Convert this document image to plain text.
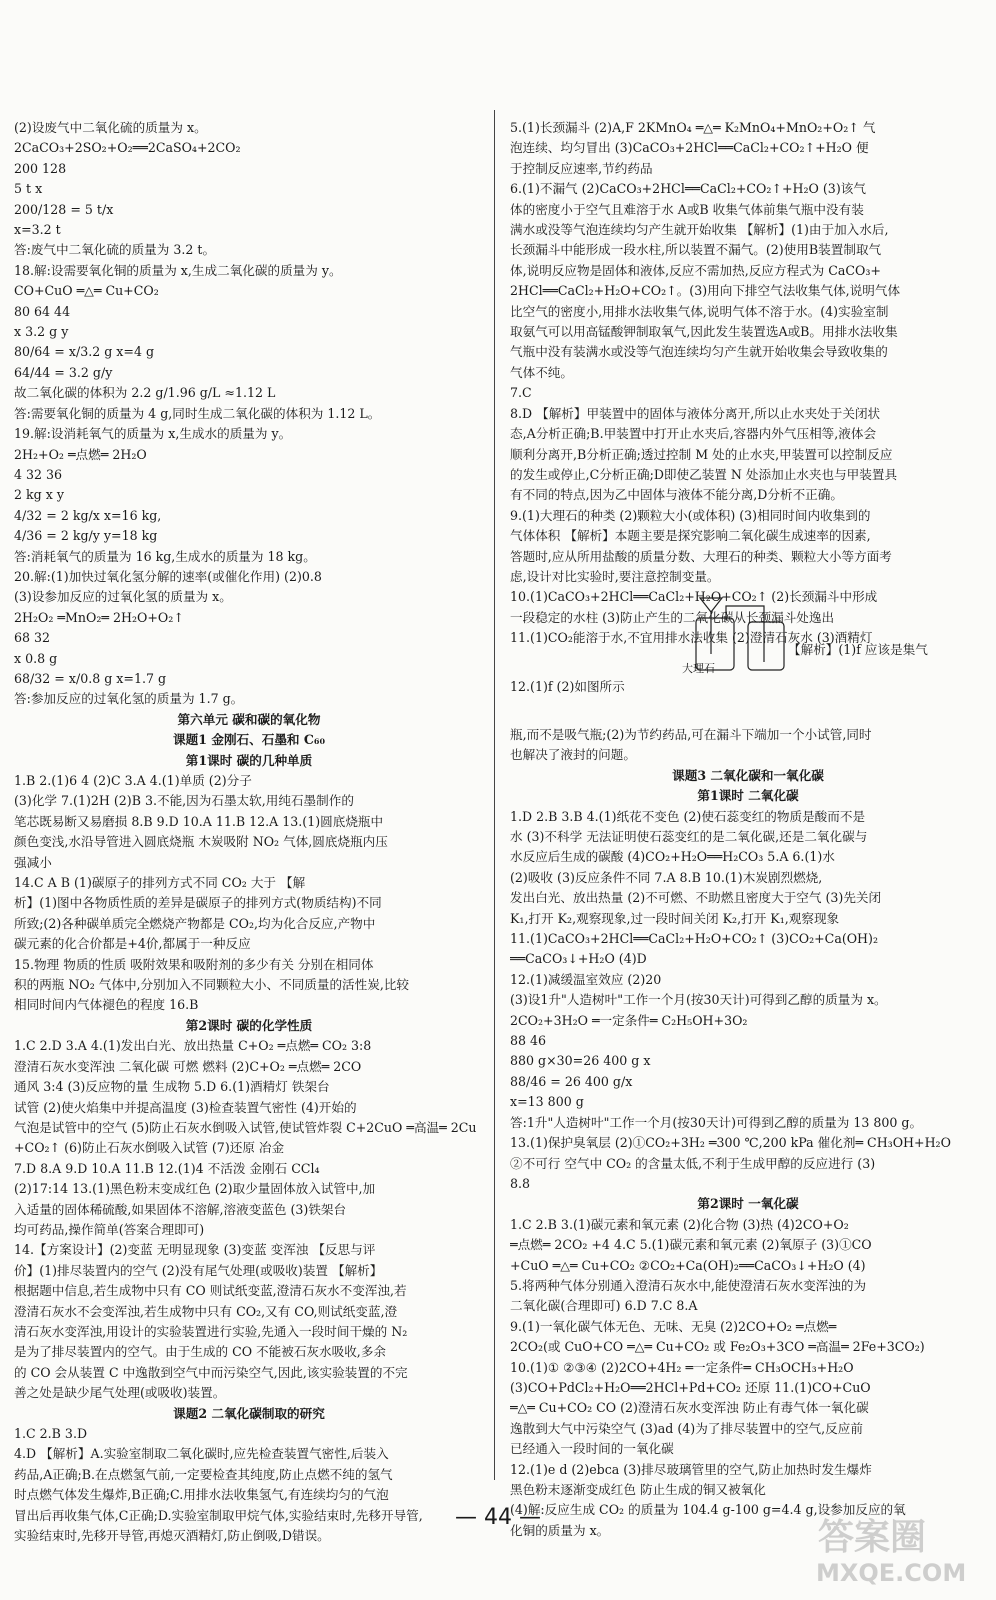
(2)设废气中二氧化硫的质量为 x。
2CaCO₃+2SO₂+O₂══2CaSO₄+2CO₂
200 128
5 t x
200/128 = 5 t/x
x=3.2 t
答:废气中二氧化硫的质量为 3.2 t。
18.解:设需要氧化铜的质量为 x,生成二氧化碳的质量为 y。
CO+CuO ═△═ Cu+CO₂
80 64 44
x 3.2 g y
80/64 = x/3.2 g x=4 g
64/44 = 3.2 g/y
故二氧化碳的体积为 2.2 g/1.96 g/L ≈1.12 L
答:需要氧化铜的质量为 4 g,同时生成二氧化碳的体积为 1.12 L。
19.解:设消耗氧气的质量为 x,生成水的质量为 y。
2H₂+O₂ ═点燃═ 2H₂O
4 32 36
2 kg x y
4/32 = 2 kg/x x=16 kg,
4/36 = 2 kg/y y=18 kg
答:消耗氧气的质量为 16 kg,生成水的质量为 18 kg。
20.解:(1)加快过氧化氢分解的速率(或催化作用) (2)0.8
(3)设参加反应的过氧化氢的质量为 x。
2H₂O₂ ═MnO₂═ 2H₂O+O₂↑
68 32
x 0.8 g
68/32 = x/0.8 g x=1.7 g
答:参加反应的过氧化氢的质量为 1.7 g。
第六单元 碳和碳的氧化物
课题1 金刚石、石墨和 C₆₀
第1课时 碳的几种单质
1.B 2.(1)6 4 (2)C 3.A 4.(1)单质 (2)分子
(3)化学 7.(1)2H (2)B 3.不能,因为石墨太软,用纯石墨制作的
笔芯既易断又易磨损 8.B 9.D 10.A 11.B 12.A 13.(1)圆底烧瓶中
颜色变浅,水沿导管进入圆底烧瓶 木炭吸附 NO₂ 气体,圆底烧瓶内压
强减小
14.C A B (1)碳原子的排列方式不同 CO₂ 大于 【解
析】(1)图中各物质性质的差异是碳原子的排列方式(物质结构)不同
所致;(2)各种碳单质完全燃烧产物都是 CO₂,均为化合反应,产物中
碳元素的化合价都是+4价,都属于一种反应
15.物理 物质的性质 吸附效果和吸附剂的多少有关 分别在相同体
积的两瓶 NO₂ 气体中,分别加入不同颗粒大小、不同质量的活性炭,比较
相同时间内气体褪色的程度 16.B
第2课时 碳的化学性质
1.C 2.D 3.A 4.(1)发出白光、放出热量 C+O₂ ═点燃═ CO₂ 3:8
澄清石灰水变浑浊 二氧化碳 可燃 燃料 (2)C+O₂ ═点燃═ 2CO
通风 3:4 (3)反应物的量 生成物 5.D 6.(1)酒精灯 铁架台
试管 (2)使火焰集中并提高温度 (3)检查装置气密性 (4)开始的
气泡是试管中的空气 (5)防止石灰水倒吸入试管,使试管炸裂 C+2CuO ═高温═ 2Cu
+CO₂↑ (6)防止石灰水倒吸入试管 (7)还原 冶金
7.D 8.A 9.D 10.A 11.B 12.(1)4 不活泼 金刚石 CCl₄
(2)17:14 13.(1)黑色粉末变成红色 (2)取少量固体放入试管中,加
入适量的固体稀硫酸,如果固体不溶解,溶液变蓝色 (3)铁架台
均可药品,操作简单(答案合理即可)
14.【方案设计】(2)变蓝 无明显现象 (3)变蓝 变浑浊 【反思与评
价】(1)排尽装置内的空气 (2)没有尾气处理(或吸收)装置 【解析】
根据题中信息,若生成物中只有 CO 则试纸变蓝,澄清石灰水不变浑浊,若
澄清石灰水不会变浑浊,若生成物中只有 CO₂,又有 CO,则试纸变蓝,澄
清石灰水变浑浊,用设计的实验装置进行实验,先通入一段时间干燥的 N₂
是为了排尽装置内的空气。由于生成的 CO 不能被石灰水吸收,多余
的 CO 会从装置 C 中逸散到空气中而污染空气,因此,该实验装置的不完
善之处是缺少尾气处理(或吸收)装置。
课题2 二氧化碳制取的研究
1.C 2.B 3.D
4.D 【解析】A.实验室制取二氧化碳时,应先检查装置气密性,后装入
药品,A正确;B.在点燃氢气前,一定要检查其纯度,防止点燃不纯的氢气
时点燃气体发生爆炸,B正确;C.用排水法收集氢气,有连续均匀的气泡
冒出后再收集气体,C正确;D.实验室制取甲烷气体,实验结束时,先移开导管,
实验结束时,先移开导管,再熄灭酒精灯,防止倒吸,D错误。
5.(1)长颈漏斗 (2)A,F 2KMnO₄ ═△═ K₂MnO₄+MnO₂+O₂↑ 气
泡连续、均匀冒出 (3)CaCO₃+2HCl══CaCl₂+CO₂↑+H₂O 便
于控制反应速率,节约药品
6.(1)不漏气 (2)CaCO₃+2HCl══CaCl₂+CO₂↑+H₂O (3)该气
体的密度小于空气且难溶于水 A或B 收集气体前集气瓶中没有装
满水或没等气泡连续均匀产生就开始收集 【解析】(1)由于加入水后,
长颈漏斗中能形成一段水柱,所以装置不漏气。(2)使用B装置制取气
体,说明反应物是固体和液体,反应不需加热,反应方程式为 CaCO₃+
2HCl══CaCl₂+H₂O+CO₂↑。(3)用向下排空气法收集气体,说明气体
比空气的密度小,用排水法收集气体,说明气体不溶于水。(4)实验室制
取氨气可以用高锰酸钾制取氧气,因此发生装置选A或B。用排水法收集
气瓶中没有装满水或没等气泡连续均匀产生就开始收集会导致收集的
气体不纯。
7.C
8.D 【解析】甲装置中的固体与液体分离开,所以止水夹处于关闭状
态,A分析正确;B.甲装置中打开止水夹后,容器内外气压相等,液体会
顺利分离开,B分析正确;透过控制 M 处的止水夹,甲装置可以控制反应
的发生或停止,C分析正确;D即使乙装置 N 处添加止水夹也与甲装置具
有不同的特点,因为乙中固体与液体不能分离,D分析不正确。
9.(1)大理石的种类 (2)颗粒大小(或体积) (3)相同时间内收集到的
气体体积 【解析】本题主要是探究影响二氧化碳生成速率的因素,
答题时,应从所用盐酸的质量分数、大理石的种类、颗粒大小等方面考
虑,设计对比实验时,要注意控制变量。
10.(1)CaCO₃+2HCl══CaCl₂+H₂O+CO₂↑ (2)长颈漏斗中形成
一段稳定的水柱 (3)防止产生的二氧化碳从长颈漏斗处逸出
11.(1)CO₂能溶于水,不宜用排水法收集 (2)澄清石灰水 (3)酒精灯
12.(1)f (2)如图所示
瓶,而不是吸气瓶;(2)为节约药品,可在漏斗下端加一个小试管,同时
也解决了液封的问题。
课题3 二氧化碳和一氧化碳
第1课时 二氧化碳
1.D 2.B 3.B 4.(1)纸花不变色 (2)使石蕊变红的物质是酸而不是
水 (3)不科学 无法证明使石蕊变红的是二氧化碳,还是二氧化碳与
水反应后生成的碳酸 (4)CO₂+H₂O══H₂CO₃ 5.A 6.(1)水
(2)吸收 (3)反应条件不同 7.A 8.B 10.(1)木炭剧烈燃烧,
发出白光、放出热量 (2)不可燃、不助燃且密度大于空气 (3)先关闭
K₁,打开 K₂,观察现象,过一段时间关闭 K₂,打开 K₁,观察现象
11.(1)CaCO₃+2HCl══CaCl₂+H₂O+CO₂↑ (3)CO₂+Ca(OH)₂
══CaCO₃↓+H₂O (4)D
12.(1)减缓温室效应 (2)20
(3)设1升"人造树叶"工作一个月(按30天计)可得到乙醇的质量为 x。
2CO₂+3H₂O ═一定条件═ C₂H₅OH+3O₂
88 46
880 g×30=26 400 g x
88/46 = 26 400 g/x
x=13 800 g
答:1升"人造树叶"工作一个月(按30天计)可得到乙醇的质量为 13 800 g。
13.(1)保护臭氧层 (2)①CO₂+3H₂ ═300 ℃,200 kPa 催化剂═ CH₃OH+H₂O
②不可行 空气中 CO₂ 的含量太低,不利于生成甲醇的反应进行 (3)
8.8
第2课时 一氧化碳
1.C 2.B 3.(1)碳元素和氧元素 (2)化合物 (3)热 (4)2CO+O₂
═点燃═ 2CO₂ +4 4.C 5.(1)碳元素和氧元素 (2)氧原子 (3)①CO
+CuO ═△═ Cu+CO₂ ②CO₂+Ca(OH)₂══CaCO₃↓+H₂O (4)
5.将两种气体分别通入澄清石灰水中,能使澄清石灰水变浑浊的为
二氧化碳(合理即可) 6.D 7.C 8.A
9.(1)一氧化碳气体无色、无味、无臭 (2)2CO+O₂ ═点燃═
2CO₂(或 CuO+CO ═△═ Cu+CO₂ 或 Fe₂O₃+3CO ═高温═ 2Fe+3CO₂)
10.(1)① ②③④ (2)2CO+4H₂ ═一定条件═ CH₃OCH₃+H₂O
(3)CO+PdCl₂+H₂O══2HCl+Pd+CO₂ 还原 11.(1)CO+CuO
═△═ Cu+CO₂ CO (2)澄清石灰水变浑浊 防止有毒气体一氧化碳
逸散到大气中污染空气 (3)ad (4)为了排尽装置中的空气,反应前
已经通入一段时间的一氧化碳
12.(1)e d (2)ebca (3)排尽玻璃管里的空气,防止加热时发生爆炸
黑色粉末逐渐变成红色 防止生成的铜又被氧化
(4)解:反应生成 CO₂ 的质量为 104.4 g-100 g=4.4 g,设参加反应的氧
化铜的质量为 x。
【解析】(1)f 应该是集气
大理石
— 44 —	答案圈
MXQE.COM
